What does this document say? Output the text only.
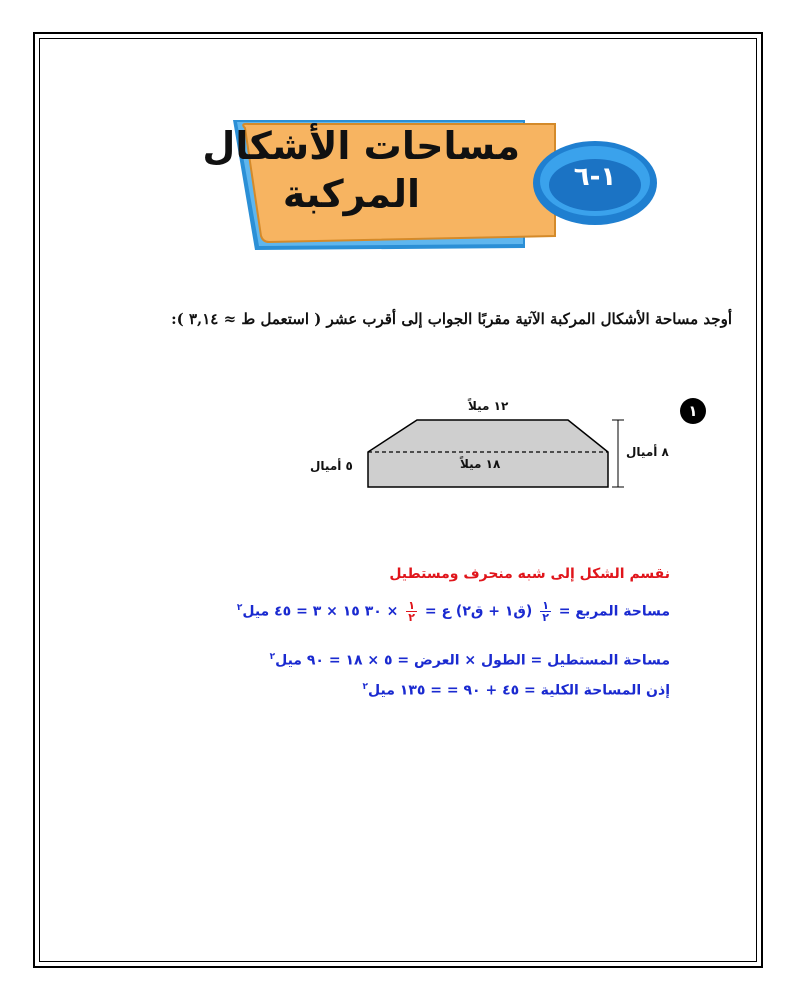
مساحات الأشكال
المركبة	١-٦
أوجد مساحة الأشكال المركبة الآتية مقربًا الجواب إلى أقرب عشر ( استعمل ط ≈ ٣,١٤ ):
١
١٢ ميلاً
١٨ ميلاً
٨ أميال
٥ أميال
نقسم الشكل إلى شبه منحرف ومستطيل
مساحة المربع =
$\frac{١}{٢}$
(ق١ + ق٢) ع =
$\frac{١}{٢}$
× ٣٠ ١٥ × ٣ = ٤٥ ميل$^٢$
مساحة المستطيل = الطول × العرض = ٥ × ١٨ = ٩٠ ميل$^٢$
إذن المساحة الكلية = ٤٥ + ٩٠ = = ١٣٥ ميل$^٢$
